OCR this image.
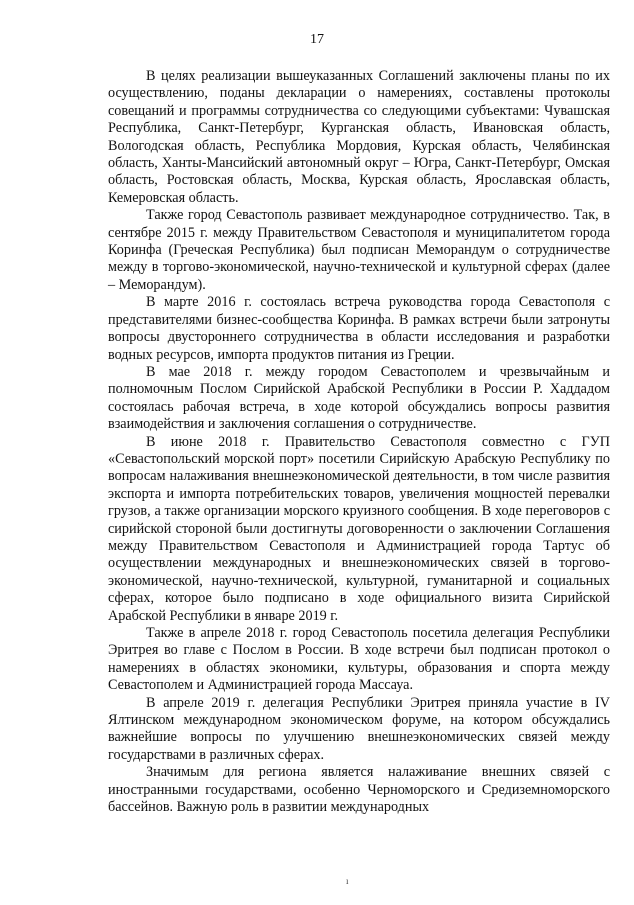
17

В целях реализации вышеуказанных Соглашений заключены планы по их осуществлению, поданы декларации о намерениях, составлены протоколы совещаний и программы сотрудничества со следующими субъектами: Чувашская Республика, Санкт-Петербург, Курганская область, Ивановская область, Вологодская область, Республика Мордовия, Курская область, Челябинская область, Ханты-Мансийский автономный округ – Югра, Санкт-Петербург, Омская область, Ростовская область, Москва, Курская область, Ярославская область, Кемеровская область.

Также город Севастополь развивает международное сотрудничество. Так, в сентябре 2015 г. между Правительством Севастополя и муниципалитетом города Коринфа (Греческая Республика) был подписан Меморандум о сотрудничестве между в торгово-экономической, научно-технической и культурной сферах (далее – Меморандум).

В марте 2016 г. состоялась встреча руководства города Севастополя с представителями бизнес-сообщества Коринфа. В рамках встречи были затронуты вопросы двустороннего сотрудничества в области исследования и разработки водных ресурсов, импорта продуктов питания из Греции.

В мае 2018 г. между городом Севастополем и чрезвычайным и полномочным Послом Сирийской Арабской Республики в России Р. Хаддадом состоялась рабочая встреча, в ходе которой обсуждались вопросы развития взаимодействия и заключения соглашения о сотрудничестве.

В июне 2018 г. Правительство Севастополя совместно с ГУП «Севастопольский морской порт» посетили Сирийскую Арабскую Республику по вопросам налаживания внешнеэкономической деятельности, в том числе развития экспорта и импорта потребительских товаров, увеличения мощностей перевалки грузов, а также организации морского круизного сообщения. В ходе переговоров с сирийской стороной были достигнуты договоренности о заключении Соглашения между Правительством Севастополя и Администрацией города Тартус об осуществлении международных и внешнеэкономических связей в торгово-экономической, научно-технической, культурной, гуманитарной и социальных сферах, которое было подписано в ходе официального визита Сирийской Арабской Республики в январе 2019 г.

Также в апреле 2018 г. город Севастополь посетила делегация Республики Эритрея во главе с Послом в России. В ходе встречи был подписан протокол о намерениях в областях экономики, культуры, образования и спорта между Севастополем и Администрацией города Массауа.

В апреле 2019 г. делегация Республики Эритрея приняла участие в IV Ялтинском международном экономическом форуме, на котором обсуждались важнейшие вопросы по улучшению внешнеэкономических связей между государствами в различных сферах.

Значимым для региона является налаживание внешних связей с иностранными государствами, особенно Черноморского и Средиземноморского бассейнов. Важную роль в развитии международных

ı
